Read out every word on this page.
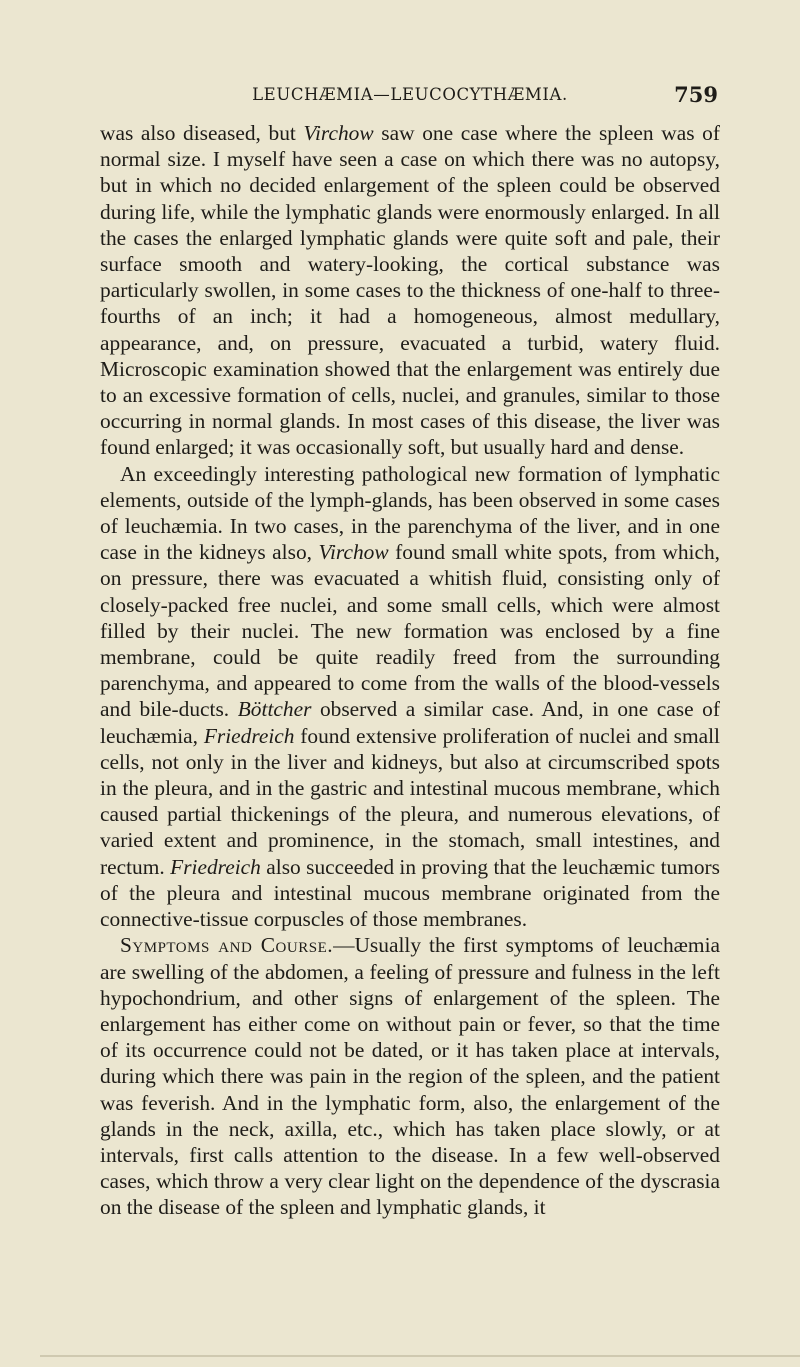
LEUCHÆMIA—LEUCOCYTHÆMIA.	759

was also diseased, but Virchow saw one case where the spleen was of normal size. I myself have seen a case on which there was no autopsy, but in which no decided enlargement of the spleen could be observed during life, while the lymphatic glands were enormously enlarged. In all the cases the enlarged lymphatic glands were quite soft and pale, their surface smooth and watery-looking, the cortical substance was particularly swollen, in some cases to the thickness of one-half to three-fourths of an inch; it had a homogeneous, almost medullary, appearance, and, on pressure, evacuated a turbid, watery fluid. Microscopic examination showed that the enlargement was entirely due to an excessive formation of cells, nuclei, and granules, similar to those occurring in normal glands. In most cases of this disease, the liver was found enlarged; it was occasionally soft, but usually hard and dense.

An exceedingly interesting pathological new formation of lymphatic elements, outside of the lymph-glands, has been observed in some cases of leuchæmia. In two cases, in the parenchyma of the liver, and in one case in the kidneys also, Virchow found small white spots, from which, on pressure, there was evacuated a whitish fluid, consisting only of closely-packed free nuclei, and some small cells, which were almost filled by their nuclei. The new formation was enclosed by a fine membrane, could be quite readily freed from the surrounding parenchyma, and appeared to come from the walls of the blood-vessels and bile-ducts. Böttcher observed a similar case. And, in one case of leuchæmia, Friedreich found extensive proliferation of nuclei and small cells, not only in the liver and kidneys, but also at circumscribed spots in the pleura, and in the gastric and intestinal mucous membrane, which caused partial thickenings of the pleura, and numerous elevations, of varied extent and prominence, in the stomach, small intestines, and rectum. Friedreich also succeeded in proving that the leuchæmic tumors of the pleura and intestinal mucous membrane originated from the connective-tissue corpuscles of those membranes.

Symptoms and Course.—Usually the first symptoms of leuchæmia are swelling of the abdomen, a feeling of pressure and fulness in the left hypochondrium, and other signs of enlargement of the spleen. The enlargement has either come on without pain or fever, so that the time of its occurrence could not be dated, or it has taken place at intervals, during which there was pain in the region of the spleen, and the patient was feverish. And in the lymphatic form, also, the enlargement of the glands in the neck, axilla, etc., which has taken place slowly, or at intervals, first calls attention to the disease. In a few well-observed cases, which throw a very clear light on the dependence of the dyscrasia on the disease of the spleen and lymphatic glands, it
